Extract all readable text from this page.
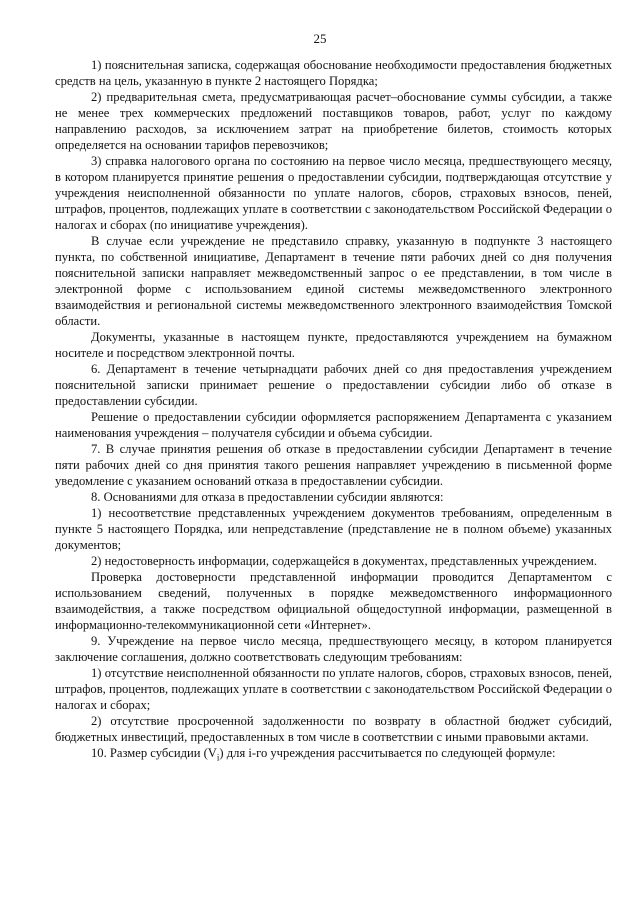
25

1) пояснительная записка, содержащая обоснование необходимости предоставления бюджетных средств на цель, указанную в пункте 2 настоящего Порядка;

2) предварительная смета, предусматривающая расчет–обоснование суммы субсидии, а также не менее трех коммерческих предложений поставщиков товаров, работ, услуг по каждому направлению расходов, за исключением затрат на приобретение билетов, стоимость которых определяется на основании тарифов перевозчиков;

3) справка налогового органа по состоянию на первое число месяца, предшествующего месяцу, в котором планируется принятие решения о предоставлении субсидии, подтверждающая отсутствие у учреждения неисполненной обязанности по уплате налогов, сборов, страховых взносов, пеней, штрафов, процентов, подлежащих уплате в соответствии с законодательством Российской Федерации о налогах и сборах (по инициативе учреждения).

В случае если учреждение не представило справку, указанную в подпункте 3 настоящего пункта, по собственной инициативе, Департамент в течение пяти рабочих дней со дня получения пояснительной записки направляет межведомственный запрос о ее представлении, в том числе в электронной форме с использованием единой системы межведомственного электронного взаимодействия и региональной системы межведомственного электронного взаимодействия Томской области.

Документы, указанные в настоящем пункте, предоставляются учреждением на бумажном носителе и посредством электронной почты.

6. Департамент в течение четырнадцати рабочих дней со дня предоставления учреждением пояснительной записки принимает решение о предоставлении субсидии либо об отказе в предоставлении субсидии.

Решение о предоставлении субсидии оформляется распоряжением Департамента с указанием наименования учреждения – получателя субсидии и объема субсидии.

7. В случае принятия решения об отказе в предоставлении субсидии Департамент в течение пяти рабочих дней со дня принятия такого решения направляет учреждению в письменной форме уведомление с указанием оснований отказа в предоставлении субсидии.

8. Основаниями для отказа в предоставлении субсидии являются:

1) несоответствие представленных учреждением документов требованиям, определенным в пункте 5 настоящего Порядка, или непредставление (представление не в полном объеме) указанных документов;

2) недостоверность информации, содержащейся в документах, представленных учреждением.

Проверка достоверности представленной информации проводится Департаментом с использованием сведений, полученных в порядке межведомственного информационного взаимодействия, а также посредством официальной общедоступной информации, размещенной в информационно-телекоммуникационной сети «Интернет».

9. Учреждение на первое число месяца, предшествующего месяцу, в котором планируется заключение соглашения, должно соответствовать следующим требованиям:

1) отсутствие неисполненной обязанности по уплате налогов, сборов, страховых взносов, пеней, штрафов, процентов, подлежащих уплате в соответствии с законодательством Российской Федерации о налогах и сборах;

2) отсутствие просроченной задолженности по возврату в областной бюджет субсидий, бюджетных инвестиций, предоставленных в том числе в соответствии с иными правовыми актами.

10. Размер субсидии $(V_i)$ для i-го учреждения рассчитывается по следующей формуле:
